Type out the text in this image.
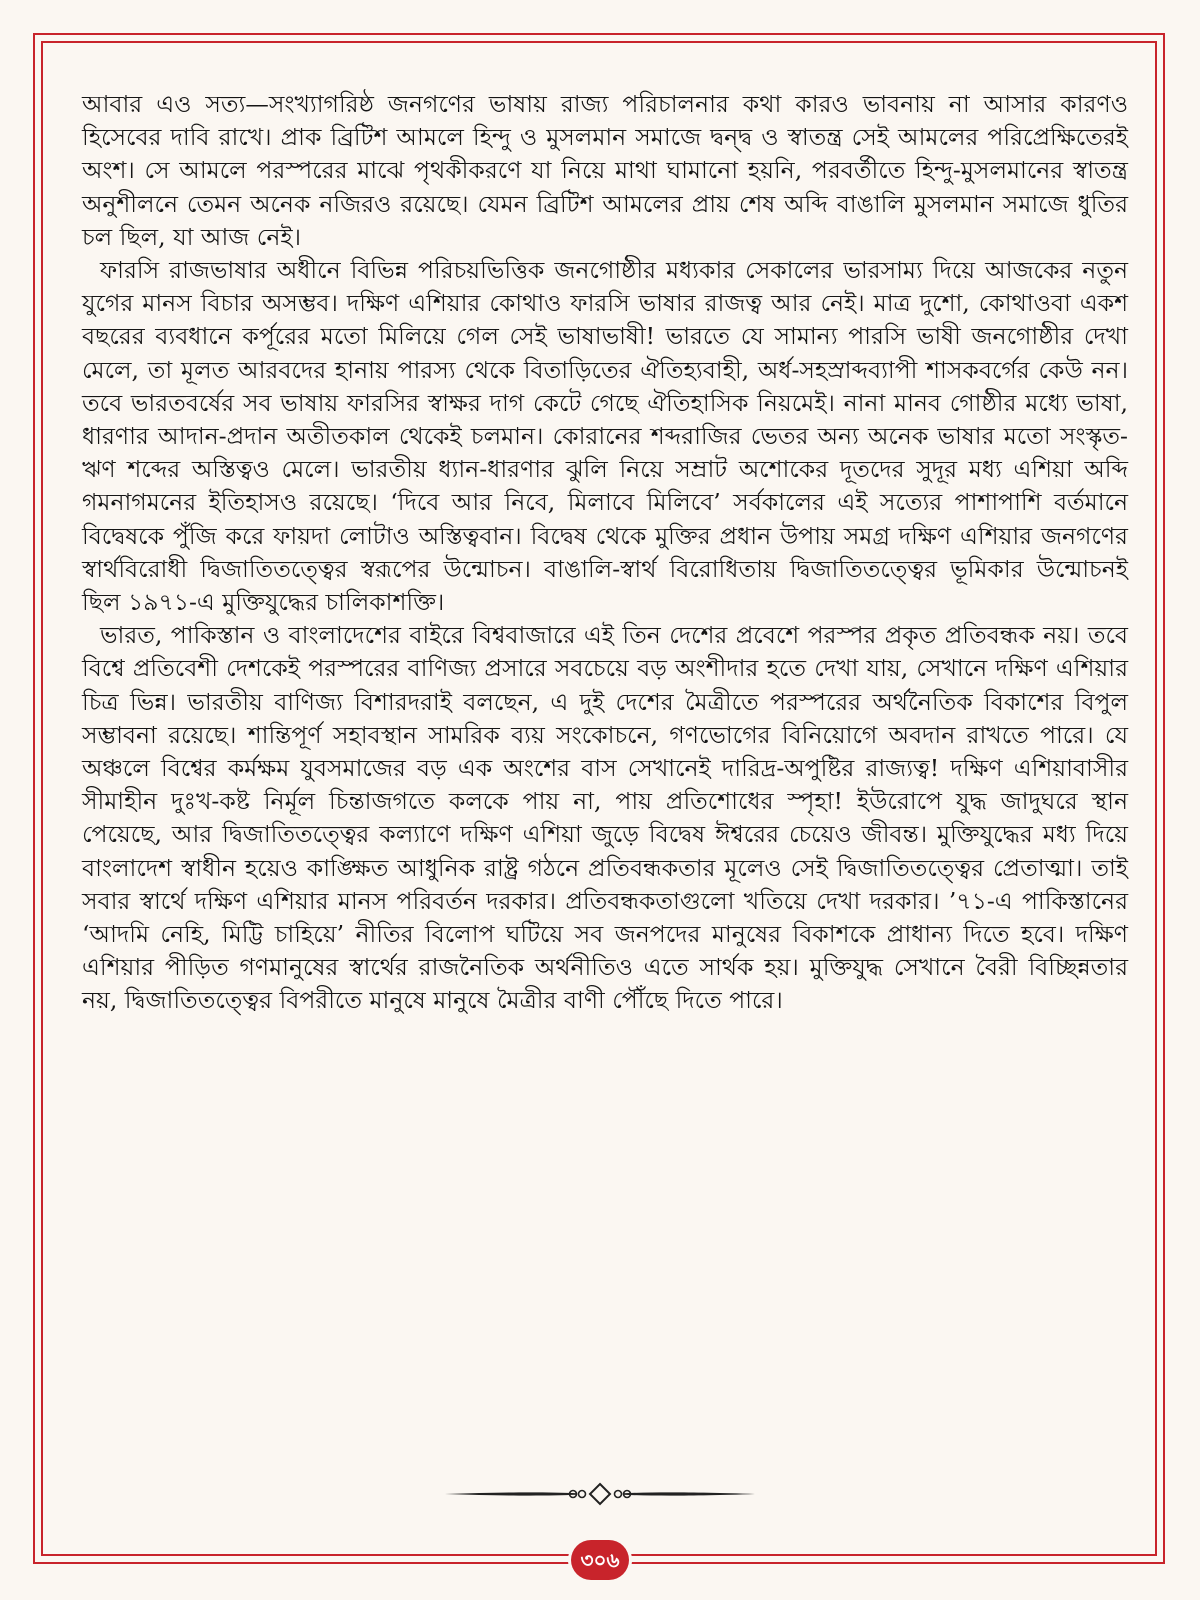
আবার এও সত্য—সংখ্যাগরিষ্ঠ জনগণের ভাষায় রাজ্য পরিচালনার কথা কারও ভাবনায় না আসার কারণও হিসেবের দাবি রাখে। প্রাক ব্রিটিশ আমলে হিন্দু ও মুসলমান সমাজে দ্বন্দ্ব ও স্বাতন্ত্র সেই আমলের পরিপ্রেক্ষিতেরই অংশ। সে আমলে পরস্পরের মাঝে পৃথকীকরণে যা নিয়ে মাথা ঘামানো হয়নি, পরবর্তীতে হিন্দু-মুসলমানের স্বাতন্ত্র অনুশীলনে তেমন অনেক নজিরও রয়েছে। যেমন ব্রিটিশ আমলের প্রায় শেষ অব্দি বাঙালি মুসলমান সমাজে ধুতির চল ছিল, যা আজ নেই।

ফারসি রাজভাষার অধীনে বিভিন্ন পরিচয়ভিত্তিক জনগোষ্ঠীর মধ্যকার সেকালের ভারসাম্য দিয়ে আজকের নতুন যুগের মানস বিচার অসম্ভব। দক্ষিণ এশিয়ার কোথাও ফারসি ভাষার রাজত্ব আর নেই। মাত্র দুশো, কোথাওবা একশ বছরের ব্যবধানে কর্পূরের মতো মিলিয়ে গেল সেই ভাষাভাষী! ভারতে যে সামান্য পারসি ভাষী জনগোষ্ঠীর দেখা মেলে, তা মূলত আরবদের হানায় পারস্য থেকে বিতাড়িতের ঐতিহ্যবাহী, অর্ধ-সহস্রাব্দব্যাপী শাসকবর্গের কেউ নন। তবে ভারতবর্ষের সব ভাষায় ফারসির স্বাক্ষর দাগ কেটে গেছে ঐতিহাসিক নিয়মেই। নানা মানব গোষ্ঠীর মধ্যে ভাষা, ধারণার আদান-প্রদান অতীতকাল থেকেই চলমান। কোরানের শব্দরাজির ভেতর অন্য অনেক ভাষার মতো সংস্কৃত-ঋণ শব্দের অস্তিত্বও মেলে। ভারতীয় ধ্যান-ধারণার ঝুলি নিয়ে সম্রাট অশোকের দূতদের সুদূর মধ্য এশিয়া অব্দি গমনাগমনের ইতিহাসও রয়েছে। ‘দিবে আর নিবে, মিলাবে মিলিবে’ সর্বকালের এই সত্যের পাশাপাশি বর্তমানে বিদ্বেষকে পুঁজি করে ফায়দা লোটাও অস্তিত্ববান। বিদ্বেষ থেকে মুক্তির প্রধান উপায় সমগ্র দক্ষিণ এশিয়ার জনগণের স্বার্থবিরোধী দ্বিজাতিতত্ত্বের স্বরূপের উন্মোচন। বাঙালি-স্বার্থ বিরোধিতায় দ্বিজাতিতত্ত্বের ভূমিকার উন্মোচনই ছিল ১৯৭১-এ মুক্তিযুদ্ধের চালিকাশক্তি।

ভারত, পাকিস্তান ও বাংলাদেশের বাইরে বিশ্ববাজারে এই তিন দেশের প্রবেশে পরস্পর প্রকৃত প্রতিবন্ধক নয়। তবে বিশ্বে প্রতিবেশী দেশকেই পরস্পরের বাণিজ্য প্রসারে সবচেয়ে বড় অংশীদার হতে দেখা যায়, সেখানে দক্ষিণ এশিয়ার চিত্র ভিন্ন। ভারতীয় বাণিজ্য বিশারদরাই বলছেন, এ দুই দেশের মৈত্রীতে পরস্পরের অর্থনৈতিক বিকাশের বিপুল সম্ভাবনা রয়েছে। শান্তিপূর্ণ সহাবস্থান সামরিক ব্যয় সংকোচনে, গণভোগের বিনিয়োগে অবদান রাখতে পারে। যে অঞ্চলে বিশ্বের কর্মক্ষম যুবসমাজের বড় এক অংশের বাস সেখানেই দারিদ্র-অপুষ্টির রাজ্যত্ব! দক্ষিণ এশিয়াবাসীর সীমাহীন দুঃখ-কষ্ট নির্মূল চিন্তাজগতে কলকে পায় না, পায় প্রতিশোধের স্পৃহা! ইউরোপে যুদ্ধ জাদুঘরে স্থান পেয়েছে, আর দ্বিজাতিতত্ত্বের কল্যাণে দক্ষিণ এশিয়া জুড়ে বিদ্বেষ ঈশ্বরের চেয়েও জীবন্ত। মুক্তিযুদ্ধের মধ্য দিয়ে বাংলাদেশ স্বাধীন হয়েও কাঙ্ক্ষিত আধুনিক রাষ্ট্র গঠনে প্রতিবন্ধকতার মূলেও সেই দ্বিজাতিতত্ত্বের প্রেতাত্মা। তাই সবার স্বার্থে দক্ষিণ এশিয়ার মানস পরিবর্তন দরকার। প্রতিবন্ধকতাগুলো খতিয়ে দেখা দরকার। ’৭১-এ পাকিস্তানের ‘আদমি নেহি, মিট্টি চাহিয়ে’ নীতির বিলোপ ঘটিয়ে সব জনপদের মানুষের বিকাশকে প্রাধান্য দিতে হবে। দক্ষিণ এশিয়ার পীড়িত গণমানুষের স্বার্থের রাজনৈতিক অর্থনীতিও এতে সার্থক হয়। মুক্তিযুদ্ধ সেখানে বৈরী বিচ্ছিন্নতার নয়, দ্বিজাতিতত্ত্বের বিপরীতে মানুষে মানুষে মৈত্রীর বাণী পৌঁছে দিতে পারে।

৩০৬
